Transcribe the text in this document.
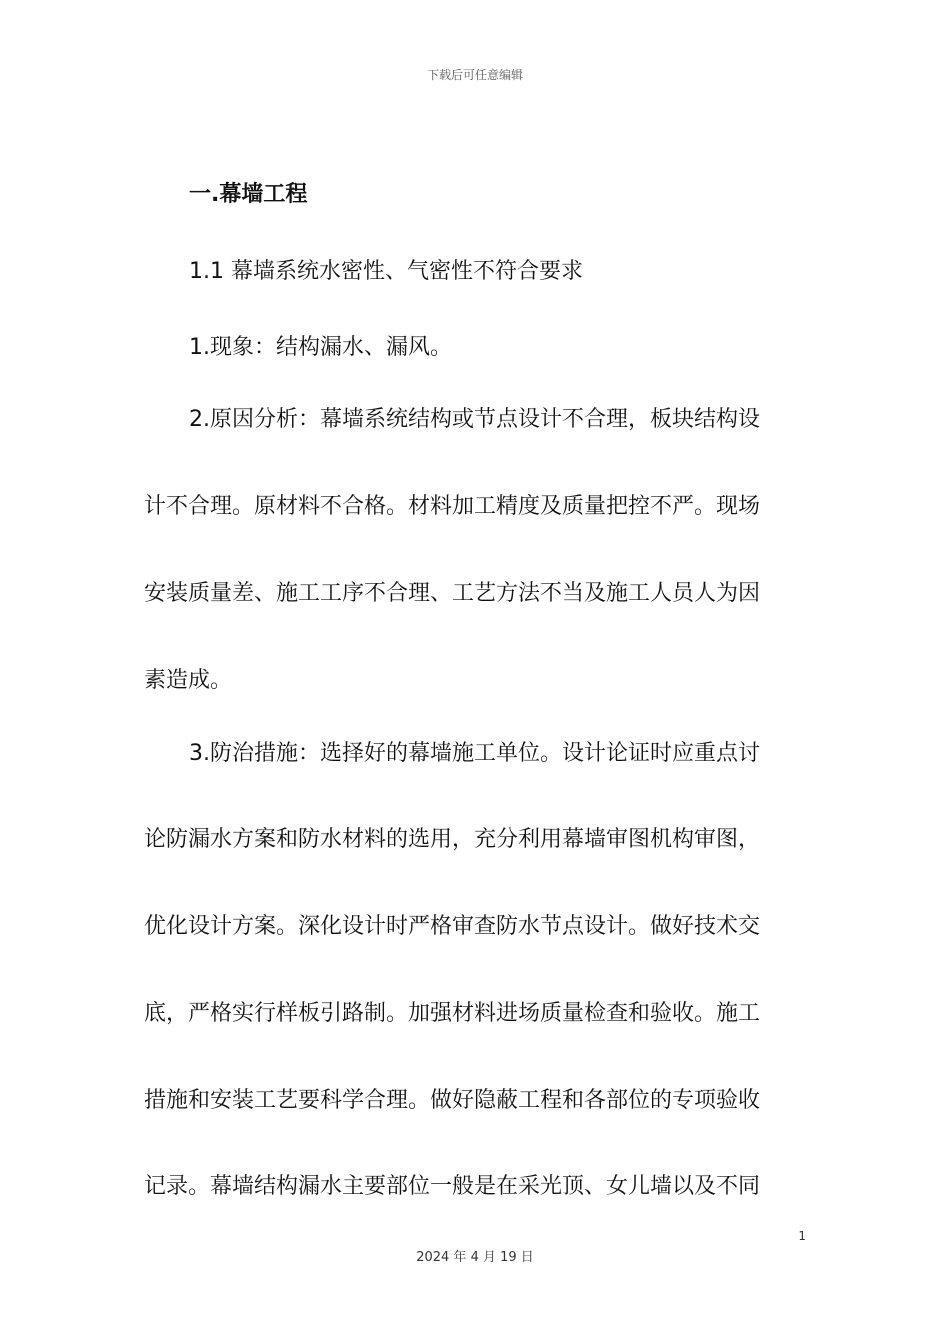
下载后可任意编辑
一.幕墙工程
1.1 幕墙系统水密性、气密性不符合要求
1.现象：结构漏水、漏风。
2.原因分析：幕墙系统结构或节点设计不合理，板块结构设
计不合理。原材料不合格。材料加工精度及质量把控不严。现场
安装质量差、施工工序不合理、工艺方法不当及施工人员人为因
素造成。
3.防治措施：选择好的幕墙施工单位。设计论证时应重点讨
论防漏水方案和防水材料的选用，充分利用幕墙审图机构审图，
优化设计方案。深化设计时严格审查防水节点设计。做好技术交
底，严格实行样板引路制。加强材料进场质量检查和验收。施工
措施和安装工艺要科学合理。做好隐蔽工程和各部位的专项验收
记录。幕墙结构漏水主要部位一般是在采光顶、女儿墙以及不同
1
2024 年 4 月 19 日
